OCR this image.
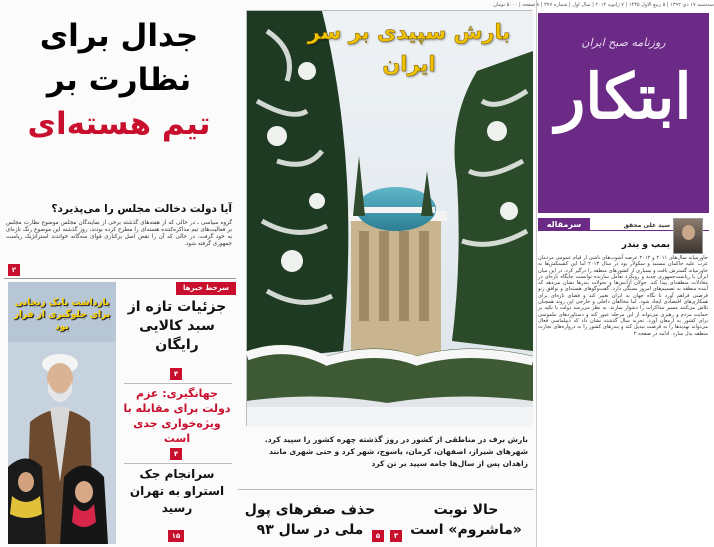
سه‌شنبه ۱۷ دی ۱۳۹۲ | ۵ ربیع الاول ۱۴۳۵ | ۷ ژانویه ۲۰۱۴ | سال اول | شماره ۳۷۷ | ۸ صفحه | ۵۰۰۰ تومان
روزنامه صبح ایران
ابتکار
سرمقاله	سید علی محقق
بمب و بندر
خاورمیانه سال‌های ۲۰۱۱ و ۲۰۱۲ عرصه آشوب‌های ناشی از قیام عمومی مردمان عرب علیه حاکمان مستبد و سکولار بود در سال ۲۰۱۳ اما این کشمکش‌ها به خاورمیانه گسترش یافت و بسیاری از کشورهای منطقه را درگیر کرد. در این میان ایران با ریاست‌جمهوری جدید و رویکرد تعامل سازنده توانست جایگاه تازه‌ای در معادلات منطقه‌ای پیدا کند. جولان آژانس‌ها و تحولات بندرها نشان می‌دهد که آینده منطقه به تصمیم‌های امروز بستگی دارد. گفت‌وگوهای هسته‌ای و توافق ژنو فرصتی فراهم آورد تا نگاه جهان به ایران تغییر کند و فضای تازه‌ای برای همکاری‌های اقتصادی ایجاد شود. اما مخالفان داخلی و خارجی این روند همچنان تلاش می‌کنند مسیر مذاکرات را دشوار سازند. به نظر می‌رسد دولت با تکیه بر حمایت مردم و رهبری می‌تواند از این مرحله عبور کند و دستاوردهای ملموسی برای کشور به ارمغان آورد. تجربه سال گذشته نشان داد که دیپلماسی فعال می‌تواند تهدیدها را به فرصت تبدیل کند و بندرهای کشور را به دروازه‌های تجارت منطقه بدل سازد. ادامه در صفحه ۲
بارش سپیدی بر سر
ایران
بارش برف در مناطقی از کشور در روز گذشته چهره کشور را سپید کرد. شهرهای شیراز، اصفهان، کرمان، یاسوج، شهر کرد و حتی شهری مانند زاهدان پس از سال‌ها جامه سپید بر تن کرد
حالا نوبت «ماشروم» است
۳
حذف صفرهای پول ملی در سال ۹۳	۵
جدال برای
نظارت بر
تیم هسته‌ای
آیا دولت دخالت مجلس را می‌پذیرد؟
گروه سیاسی ـ در حالی که از هفته‌های گذشته برخی از نمایندگان مجلس موضوع نظارت مجلس بر فعالیت‌های تیم مذاکره‌کننده هسته‌ای را مطرح کرده بودند، روز گذشته این موضوع رنگ تازه‌ای به خود گرفت. در حالی که آن را نقض اصل برکناری قوای سه‌گانه خواندند استراتژیک ریاست جمهوری گرفته شود.
۲
بازداشت بابک زنجانی برای جلوگیری از فرار بود
سرخط خبرها
جزئیات تازه از سبد کالایی رایگان
۴
جهانگیری: عزم دولت برای مقابله با ویژه‌خواری جدی است
۴
سرانجام جک استراو به تهران رسید
۱۵
